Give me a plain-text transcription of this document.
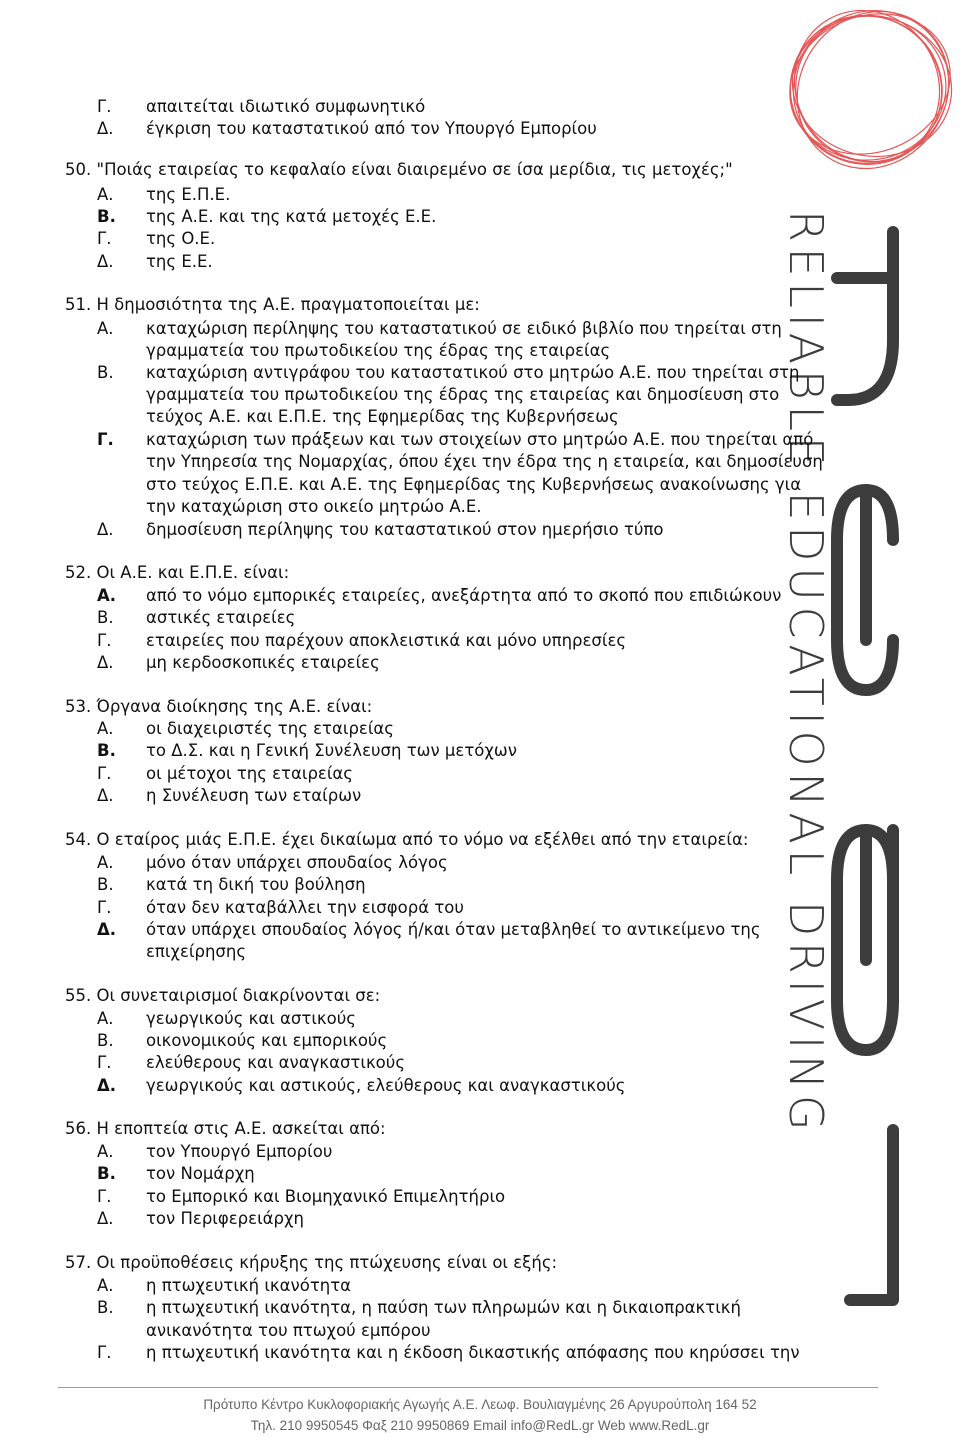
RELIABLE EDUCATIONAL DRIVING
Γ. απαιτείται ιδιωτικό συμφωνητικό
Δ. έγκριση του καταστατικού από τον Υπουργό Εμπορίου
50. "Ποιάς εταιρείας το κεφαλαίο είναι διαιρεμένο σε ίσα μερίδια, τις μετοχές;"
Α. της Ε.Π.Ε.
Β. της Α.Ε. και της κατά μετοχές Ε.Ε.
Γ. της Ο.Ε.
Δ. της Ε.Ε.
51. Η δημοσιότητα της Α.Ε. πραγματοποιείται με:
Α. καταχώριση περίληψης του καταστατικού σε ειδικό βιβλίο που τηρείται στη
γραμματεία του πρωτοδικείου της έδρας της εταιρείας
Β. καταχώριση αντιγράφου του καταστατικού στο μητρώο Α.Ε. που τηρείται στη
γραμματεία του πρωτοδικείου της έδρας της εταιρείας και δημοσίευση στο
τεύχος Α.Ε. και Ε.Π.Ε. της Εφημερίδας της Κυβερνήσεως
Γ. καταχώριση των πράξεων και των στοιχείων στο μητρώο Α.Ε. που τηρείται από
την Υπηρεσία της Νομαρχίας, όπου έχει την έδρα της η εταιρεία, και δημοσίευση
στο τεύχος Ε.Π.Ε. και Α.Ε. της Εφημερίδας της Κυβερνήσεως ανακοίνωσης για
την καταχώριση στο οικείο μητρώο Α.Ε.
Δ. δημοσίευση περίληψης του καταστατικού στον ημερήσιο τύπο
52. Οι Α.Ε. και Ε.Π.Ε. είναι:
Α. από το νόμο εμπορικές εταιρείες, ανεξάρτητα από το σκοπό που επιδιώκουν
Β. αστικές εταιρείες
Γ. εταιρείες που παρέχουν αποκλειστικά και μόνο υπηρεσίες
Δ. μη κερδοσκοπικές εταιρείες
53. Όργανα διοίκησης της Α.Ε. είναι:
Α. οι διαχειριστές της εταιρείας
Β. το Δ.Σ. και η Γενική Συνέλευση των μετόχων
Γ. οι μέτοχοι της εταιρείας
Δ. η Συνέλευση των εταίρων
54. Ο εταίρος μιάς Ε.Π.Ε. έχει δικαίωμα από το νόμο να εξέλθει από την εταιρεία:
Α. μόνο όταν υπάρχει σπουδαίος λόγος
Β. κατά τη δική του βούληση
Γ. όταν δεν καταβάλλει την εισφορά του
Δ. όταν υπάρχει σπουδαίος λόγος ή/και όταν μεταβληθεί το αντικείμενο της
επιχείρησης
55. Οι συνεταιρισμοί διακρίνονται σε:
Α. γεωργικούς και αστικούς
Β. οικονομικούς και εμπορικούς
Γ. ελεύθερους και αναγκαστικούς
Δ. γεωργικούς και αστικούς, ελεύθερους και αναγκαστικούς
56. Η εποπτεία στις Α.Ε. ασκείται από:
Α. τον Υπουργό Εμπορίου
Β. τον Νομάρχη
Γ. το Εμπορικό και Βιομηχανικό Επιμελητήριο
Δ. τον Περιφερειάρχη
57. Οι προϋποθέσεις κήρυξης της πτώχευσης είναι οι εξής:
Α. η πτωχευτική ικανότητα
Β. η πτωχευτική ικανότητα, η παύση των πληρωμών και η δικαιοπρακτική
ανικανότητα του πτωχού εμπόρου
Γ. η πτωχευτική ικανότητα και η έκδοση δικαστικής απόφασης που κηρύσσει την
Πρότυπο Κέντρο Κυκλοφοριακής Αγωγής Α.Ε. Λεωφ. Βουλιαγμένης 26 Αργυρούπολη 164 52
Τηλ. 210 9950545 Φαξ 210 9950869 Email info@RedL.gr Web www.RedL.gr
